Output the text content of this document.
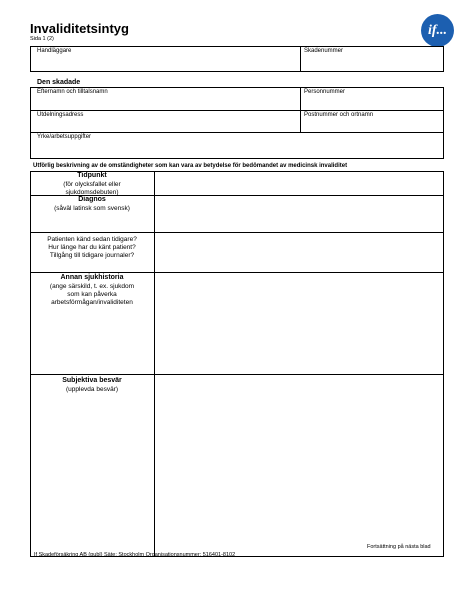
Invaliditetsintyg
Sida 1 (2)
if...
Handläggare	Skadenummer
Den skadade
Efternamn och tilltalsnamn	Personnummer
Utdelningsadress	Postnummer och ortnamn
Yrke/arbetsuppgifter
Utförlig beskrivning av de omständigheter som kan vara av betydelse för bedömandet av medicinsk invaliditet
Tidpunkt
(för olycksfallet eller
sjukdomsdebuten)
Diagnos
(såväl latinsk som svensk)
Patienten känd sedan tidigare?
Hur länge har du känt patient?
Tillgång till tidigare journaler?
Annan sjukhistoria
(ange särskild, t. ex. sjukdom
som kan påverka
arbetsförmågan/invaliditeten
Subjektiva besvär
(upplevda besvär)
Fortsättning på nästa blad
If Skadeförsäkring AB (publ) Säte: Stockholm Organisationsnummer: 516401-8102
